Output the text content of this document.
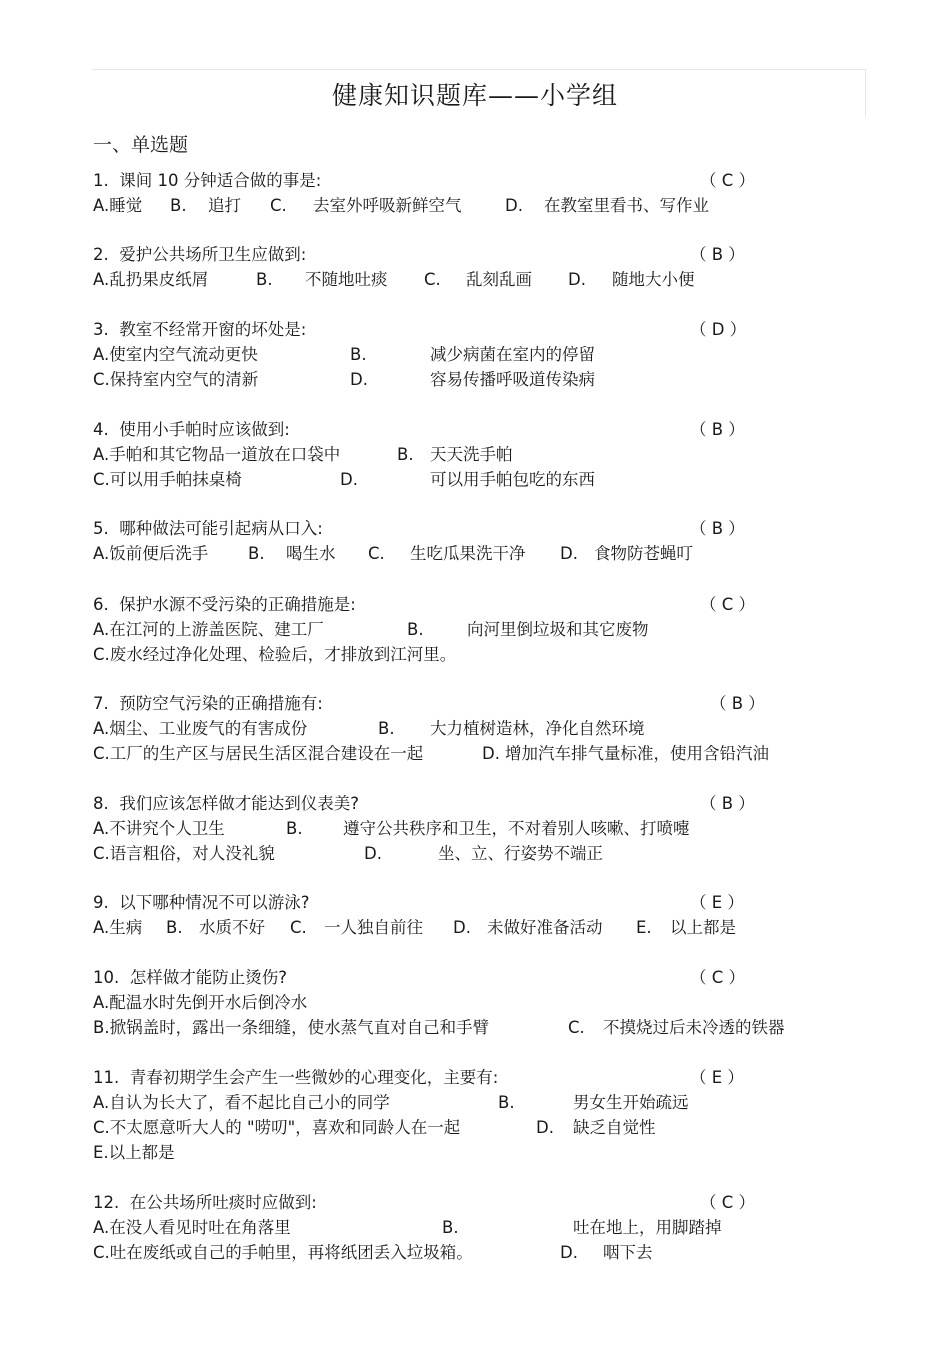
健康知识题库——小学组
一、单选题
1.  课间 10 分钟适合做的事是:	（ C ）
A.睡觉 B. 追打 C. 去室外呼吸新鲜空气	D. 在教室里看书、写作业
2.  爱护公共场所卫生应做到:	（ B ）
A.乱扔果皮纸屑	B. 不随地吐痰 C. 乱刻乱画 D. 随地大小便
3.  教室不经常开窗的坏处是:	（ D ）
A.使室内空气流动更快	B.	减少病菌在室内的停留
C.保持室内空气的清新	D.	容易传播呼吸道传染病
4.  使用小手帕时应该做到:	（ B ）
A.手帕和其它物品一道放在口袋中	B. 天天洗手帕
C.可以用手帕抹桌椅	D.	可以用手帕包吃的东西
5.  哪种做法可能引起病从口入:	（ B ）
A.饭前便后洗手 B. 喝生水 C. 生吃瓜果洗干净 D. 食物防苍蝇叮
6.  保护水源不受污染的正确措施是:	（ C ）
A.在江河的上游盖医院、建工厂	B.	向河里倒垃圾和其它废物
C.废水经过净化处理、检验后，才排放到江河里。
7.  预防空气污染的正确措施有:	（ B ）
A.烟尘、工业废气的有害成份	B. 大力植树造林，净化自然环境
C.工厂的生产区与居民生活区混合建设在一起	D. 增加汽车排气量标准，使用含铅汽油
8.  我们应该怎样做才能达到仪表美?	（ B ）
A.不讲究个人卫生	B. 遵守公共秩序和卫生，不对着别人咳嗽、打喷嚏
C.语言粗俗，对人没礼貌	D.	坐、立、行姿势不端正
9.  以下哪种情况不可以游泳?	（ E ）
A.生病 B. 水质不好 C. 一人独自前往 D. 未做好准备活动 E. 以上都是
10.  怎样做才能防止烫伤?	（ C ）
A.配温水时先倒开水后倒冷水
B.掀锅盖时，露出一条细缝，使水蒸气直对自己和手臂	C. 不摸烧过后未冷透的铁器
11.  青春初期学生会产生一些微妙的心理变化，主要有:	（ E ）
A.自认为长大了，看不起比自己小的同学	B.	男女生开始疏远
C.不太愿意听大人的 "唠叨"，喜欢和同龄人在一起	D. 缺乏自觉性
E.以上都是
12.  在公共场所吐痰时应做到:	（ C ）
A.在没人看见时吐在角落里	B.	吐在地上，用脚踏掉
C.吐在废纸或自己的手帕里，再将纸团丢入垃圾箱。	D. 咽下去
